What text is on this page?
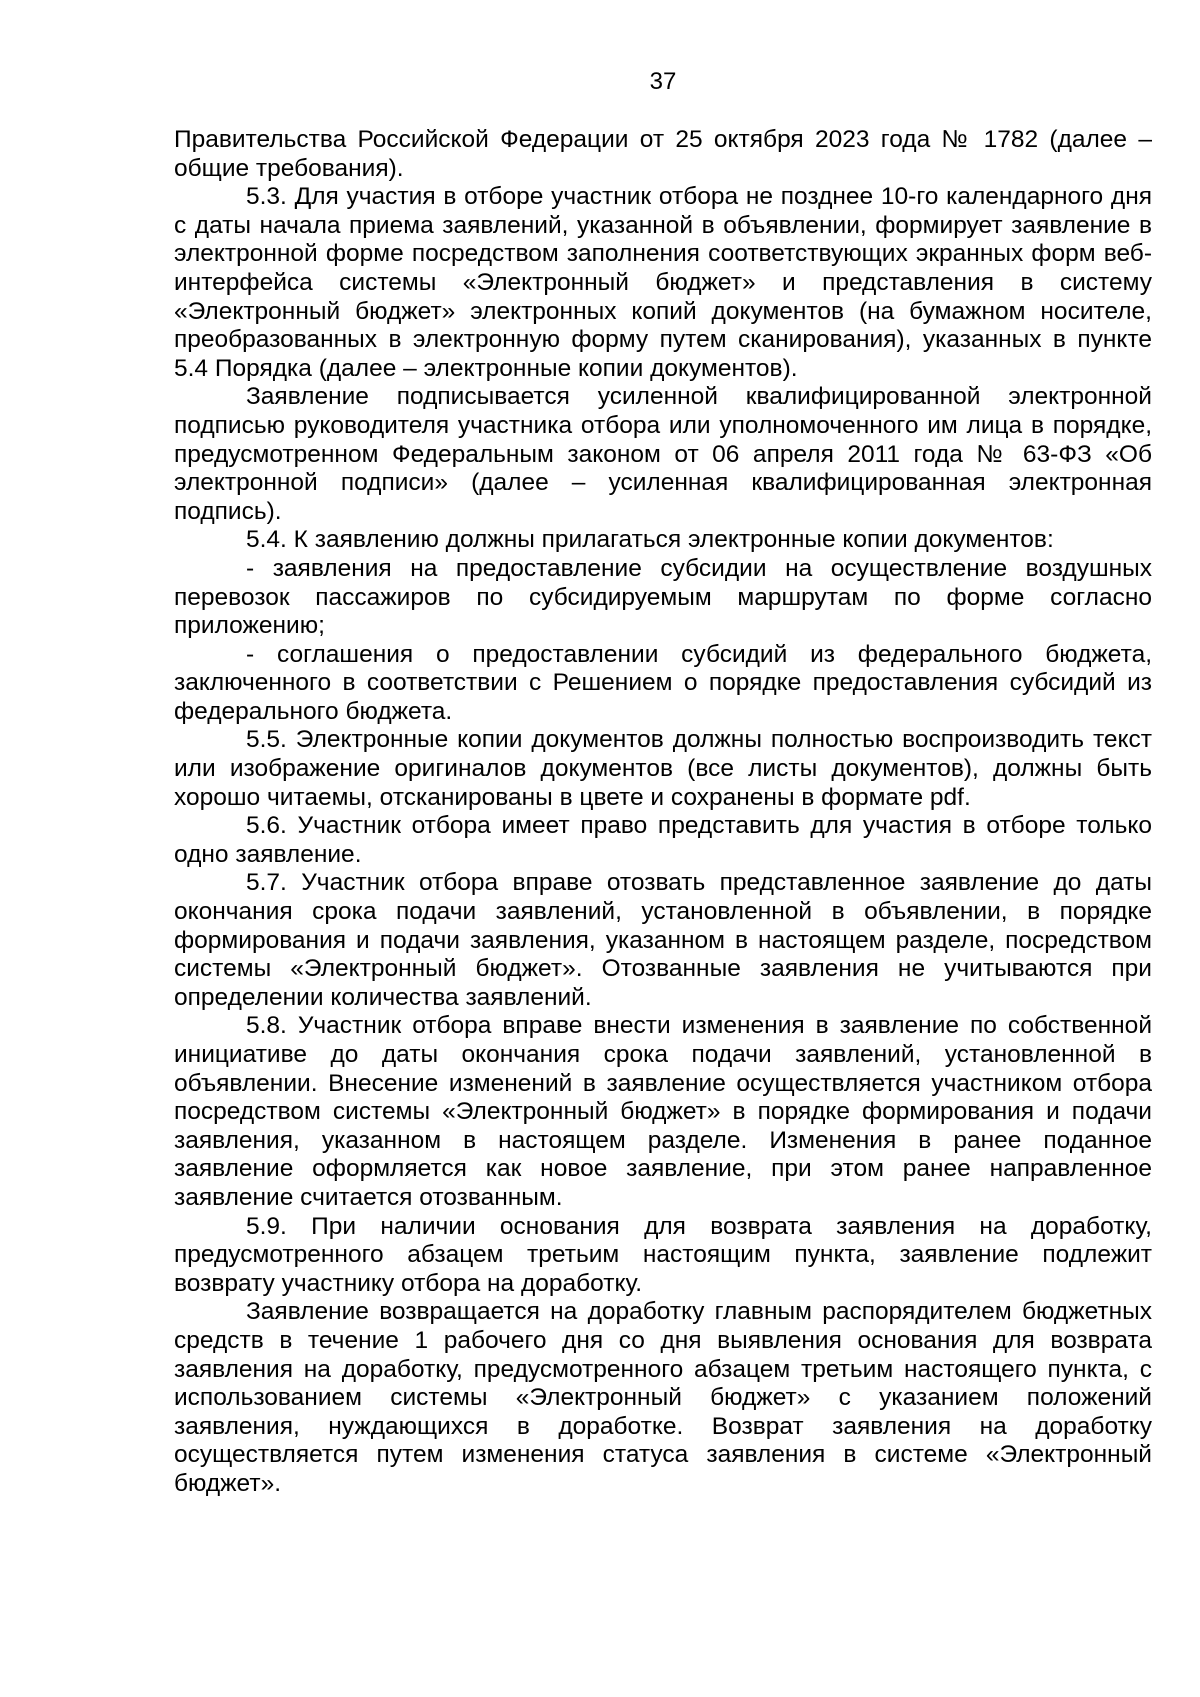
37

Правительства Российской Федерации от 25 октября 2023 года № 1782 (далее – общие требования).

5.3. Для участия в отборе участник отбора не позднее 10-го календарного дня с даты начала приема заявлений, указанной в объявлении, формирует заявление в электронной форме посредством заполнения соответствующих экранных форм веб-интерфейса системы «Электронный бюджет» и представления в систему «Электронный бюджет» электронных копий документов (на бумажном носителе, преобразованных в электронную форму путем сканирования), указанных в пункте 5.4 Порядка (далее – электронные копии документов).

Заявление подписывается усиленной квалифицированной электронной подписью руководителя участника отбора или уполномоченного им лица в порядке, предусмотренном Федеральным законом от 06 апреля 2011 года № 63-ФЗ «Об электронной подписи» (далее – усиленная квалифицированная электронная подпись).

5.4. К заявлению должны прилагаться электронные копии документов:

- заявления на предоставление субсидии на осуществление воздушных перевозок пассажиров по субсидируемым маршрутам по форме согласно приложению;

- соглашения о предоставлении субсидий из федерального бюджета, заключенного в соответствии с Решением о порядке предоставления субсидий из федерального бюджета.

5.5. Электронные копии документов должны полностью воспроизводить текст или изображение оригиналов документов (все листы документов), должны быть хорошо читаемы, отсканированы в цвете и сохранены в формате pdf.

5.6. Участник отбора имеет право представить для участия в отборе только одно заявление.

5.7. Участник отбора вправе отозвать представленное заявление до даты окончания срока подачи заявлений, установленной в объявлении, в порядке формирования и подачи заявления, указанном в настоящем разделе, посредством системы «Электронный бюджет». Отозванные заявления не учитываются при определении количества заявлений.

5.8. Участник отбора вправе внести изменения в заявление по собственной инициативе до даты окончания срока подачи заявлений, установленной в объявлении. Внесение изменений в заявление осуществляется участником отбора посредством системы «Электронный бюджет» в порядке формирования и подачи заявления, указанном в настоящем разделе. Изменения в ранее поданное заявление оформляется как новое заявление, при этом ранее направленное заявление считается отозванным.

5.9. При наличии основания для возврата заявления на доработку, предусмотренного абзацем третьим настоящим пункта, заявление подлежит возврату участнику отбора на доработку.

Заявление возвращается на доработку главным распорядителем бюджетных средств в течение 1 рабочего дня со дня выявления основания для возврата заявления на доработку, предусмотренного абзацем третьим настоящего пункта, с использованием системы «Электронный бюджет» с указанием положений заявления, нуждающихся в доработке. Возврат заявления на доработку осуществляется путем изменения статуса заявления в системе «Электронный бюджет».
